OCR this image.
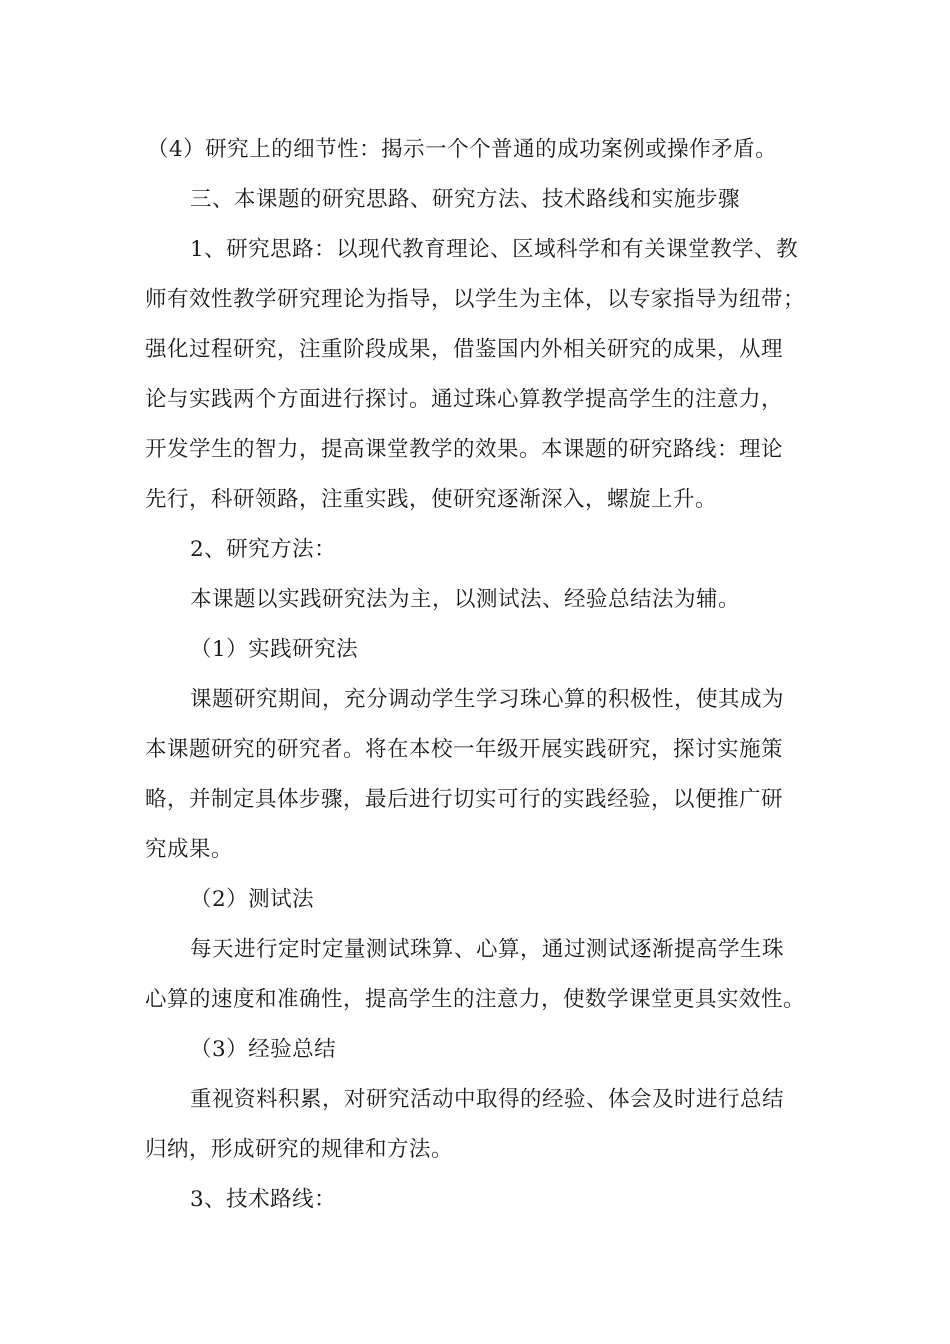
（4）研究上的细节性：揭示一个个普通的成功案例或操作矛盾。
三、本课题的研究思路、研究方法、技术路线和实施步骤
1、研究思路：以现代教育理论、区域科学和有关课堂教学、教
师有效性教学研究理论为指导，以学生为主体，以专家指导为纽带；
强化过程研究，注重阶段成果，借鉴国内外相关研究的成果，从理
论与实践两个方面进行探讨。通过珠心算教学提高学生的注意力，
开发学生的智力，提高课堂教学的效果。本课题的研究路线：理论
先行，科研领路，注重实践，使研究逐渐深入，螺旋上升。
2、研究方法：
本课题以实践研究法为主，以测试法、经验总结法为辅。
（1）实践研究法
课题研究期间，充分调动学生学习珠心算的积极性，使其成为
本课题研究的研究者。将在本校一年级开展实践研究，探讨实施策
略，并制定具体步骤，最后进行切实可行的实践经验，以便推广研
究成果。
（2）测试法
每天进行定时定量测试珠算、心算，通过测试逐渐提高学生珠
心算的速度和准确性，提高学生的注意力，使数学课堂更具实效性。
（3）经验总结
重视资料积累，对研究活动中取得的经验、体会及时进行总结
归纳，形成研究的规律和方法。
3、技术路线：
